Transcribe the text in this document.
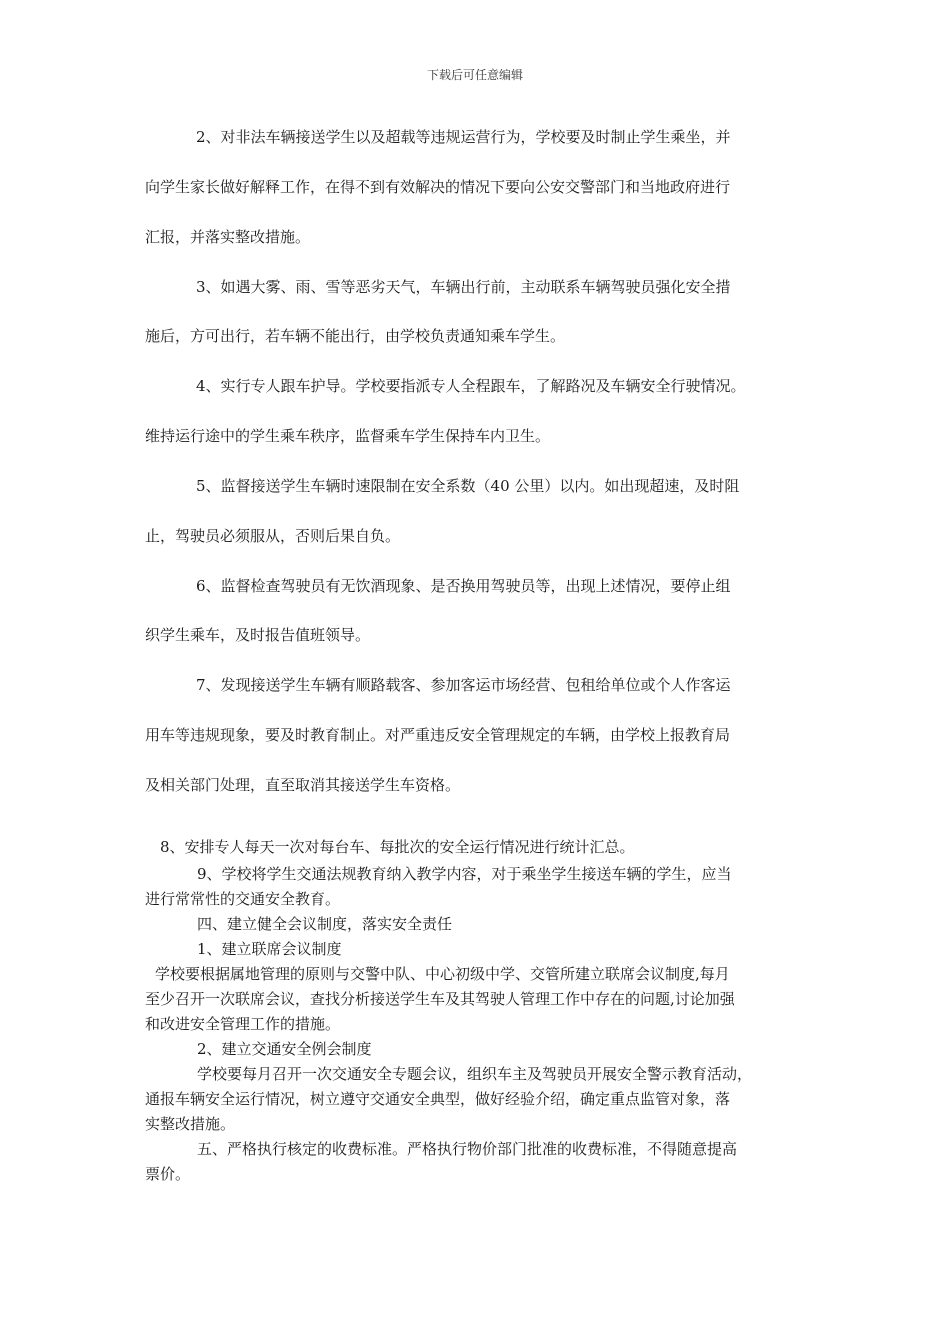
下载后可任意编辑
2、对非法车辆接送学生以及超载等违规运营行为，学校要及时制止学生乘坐，并
向学生家长做好解释工作，在得不到有效解决的情况下要向公安交警部门和当地政府进行
汇报，并落实整改措施。
3、如遇大雾、雨、雪等恶劣天气，车辆出行前，主动联系车辆驾驶员强化安全措
施后，方可出行，若车辆不能出行，由学校负责通知乘车学生。
4、实行专人跟车护导。学校要指派专人全程跟车，了解路况及车辆安全行驶情况。
维持运行途中的学生乘车秩序，监督乘车学生保持车内卫生。
5、监督接送学生车辆时速限制在安全系数（40 公里）以内。如出现超速，及时阻
止，驾驶员必须服从，否则后果自负。
6、监督检查驾驶员有无饮酒现象、是否换用驾驶员等，出现上述情况，要停止组
织学生乘车，及时报告值班领导。
7、发现接送学生车辆有顺路载客、参加客运市场经营、包租给单位或个人作客运
用车等违规现象，要及时教育制止。对严重违反安全管理规定的车辆，由学校上报教育局
及相关部门处理，直至取消其接送学生车资格。
8、安排专人每天一次对每台车、每批次的安全运行情况进行统计汇总。
9、学校将学生交通法规教育纳入教学内容，对于乘坐学生接送车辆的学生，应当
进行常常性的交通安全教育。
四、建立健全会议制度，落实安全责任
1、建立联席会议制度
学校要根据属地管理的原则与交警中队、中心初级中学、交管所建立联席会议制度,每月
至少召开一次联席会议，查找分析接送学生车及其驾驶人管理工作中存在的问题,讨论加强
和改进安全管理工作的措施。
2、建立交通安全例会制度
学校要每月召开一次交通安全专题会议，组织车主及驾驶员开展安全警示教育活动，
通报车辆安全运行情况，树立遵守交通安全典型，做好经验介绍，确定重点监管对象，落
实整改措施。
五、严格执行核定的收费标准。严格执行物价部门批准的收费标准，不得随意提高
票价。
